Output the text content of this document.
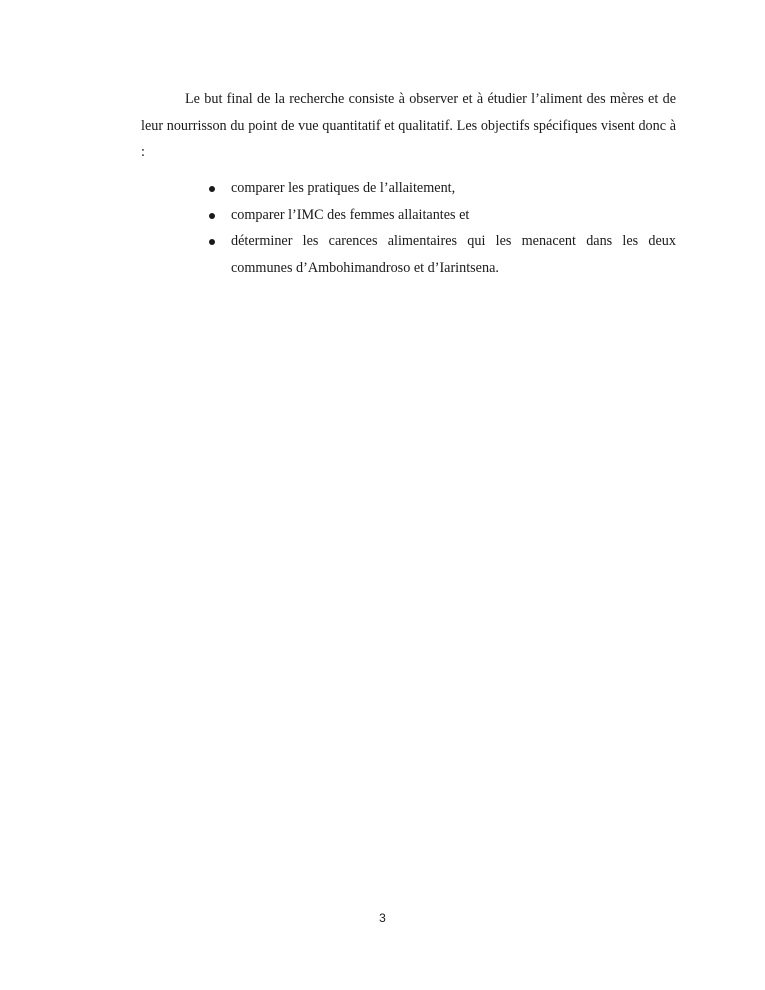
Le but final de la recherche consiste à observer et à étudier l’aliment des mères et de leur nourrisson du point de vue quantitatif et qualitatif. Les objectifs spécifiques visent donc à :

comparer les pratiques de l’allaitement,
comparer l’IMC des femmes allaitantes et
déterminer les carences alimentaires qui les menacent dans les deux communes d’Ambohimandroso et d’Iarintsena.
3
